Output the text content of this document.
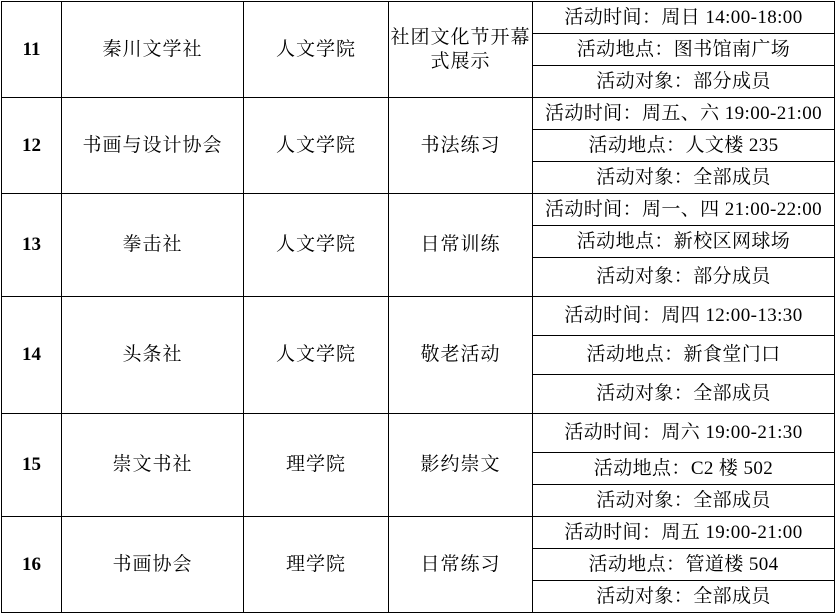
11	秦川文学社	人文学院	社团文化节开幕式展示	活动时间：周日 14:00-18:00
				活动地点：图书馆南广场
				活动对象：部分成员
12	书画与设计协会	人文学院	书法练习	活动时间：周五、六 19:00-21:00
				活动地点：人文楼 235
				活动对象：全部成员
13	拳击社	人文学院	日常训练	活动时间：周一、四 21:00-22:00
				活动地点：新校区网球场
				活动对象：部分成员
14	头条社	人文学院	敬老活动	活动时间：周四 12:00-13:30
				活动地点：新食堂门口
				活动对象：全部成员
15	崇文书社	理学院	影约崇文	活动时间：周六 19:00-21:30
				活动地点：C2 楼 502
				活动对象：全部成员
16	书画协会	理学院	日常练习	活动时间：周五 19:00-21:00
				活动地点：管道楼 504
				活动对象：全部成员
